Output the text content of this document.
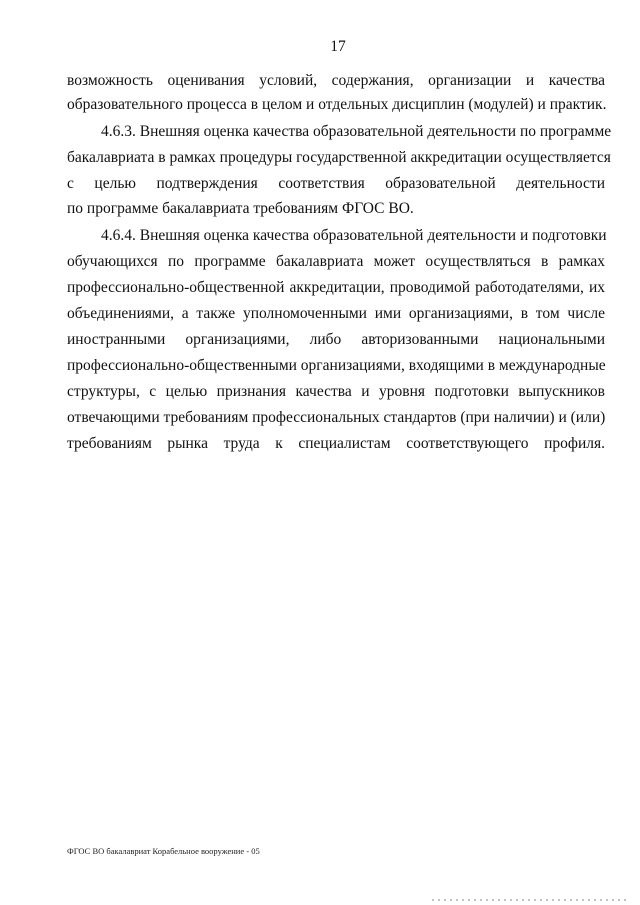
17
возможность оценивания условий, содержания, организации и качества
образовательного процесса в целом и отдельных дисциплин (модулей) и практик.
4.6.3. Внешняя оценка качества образовательной деятельности по программе
бакалавриата в рамках процедуры государственной аккредитации осуществляется
с целью подтверждения соответствия образовательной деятельности
по программе бакалавриата требованиям ФГОС ВО.
4.6.4. Внешняя оценка качества образовательной деятельности и подготовки
обучающихся по программе бакалавриата может осуществляться в рамках
профессионально-общественной аккредитации, проводимой работодателями, их
объединениями, а также уполномоченными ими организациями, в том числе
иностранными организациями, либо авторизованными национальными
профессионально-общественными организациями, входящими в международные
структуры, с целью признания качества и уровня подготовки выпускников
отвечающими требованиям профессиональных стандартов (при наличии) и (или)
требованиям рынка труда к специалистам соответствующего профиля.
ФГОС ВО бакалавриат Корабельное вооружение - 05
